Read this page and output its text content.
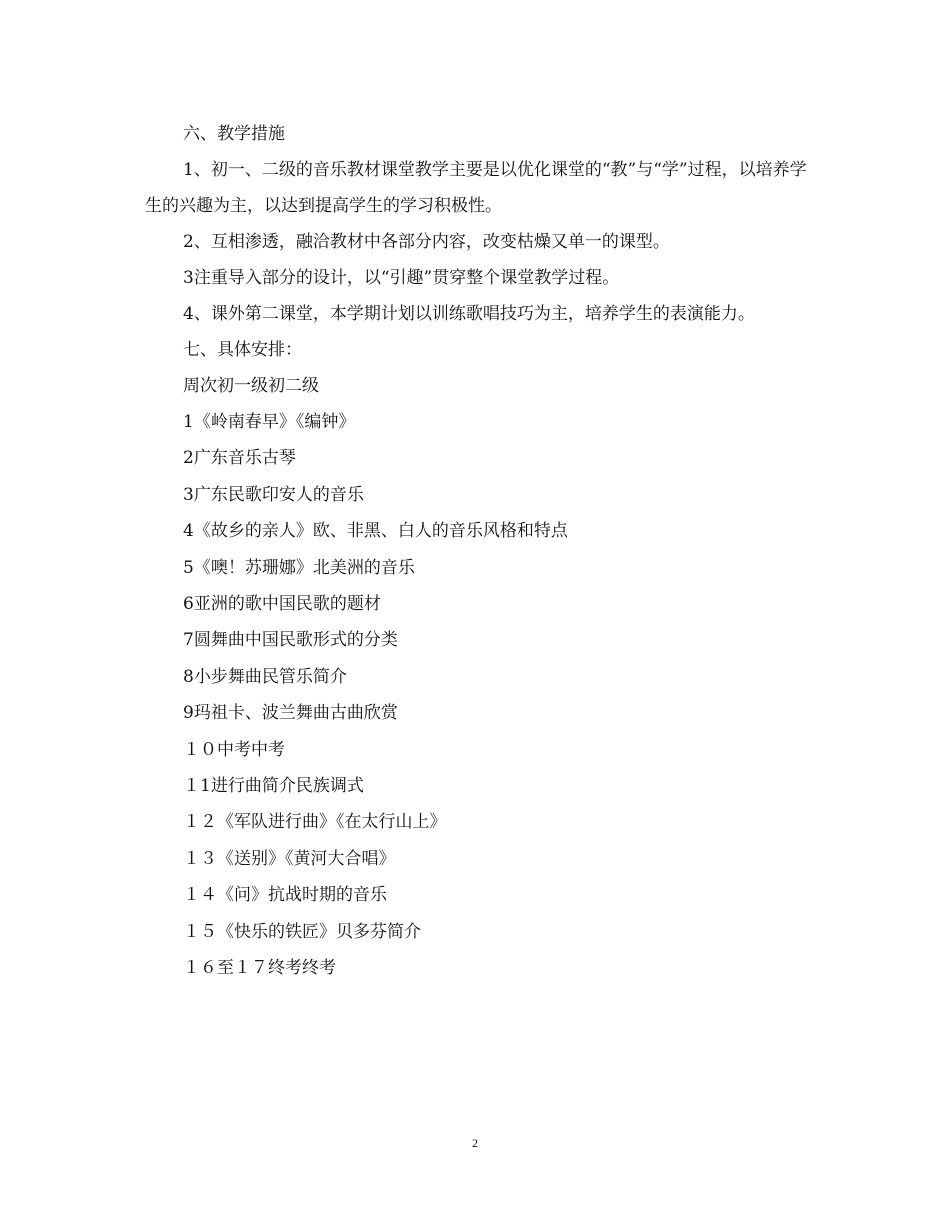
六、教学措施

1、初一、二级的音乐教材课堂教学主要是以优化课堂的“教”与“学”过程，以培养学生的兴趣为主，以达到提高学生的学习积极性。

2、互相渗透，融洽教材中各部分内容，改变枯燥又单一的课型。

3注重导入部分的设计，以“引趣”贯穿整个课堂教学过程。

4、课外第二课堂，本学期计划以训练歌唱技巧为主，培养学生的表演能力。

七、具体安排：

周次初一级初二级

1《岭南春早》《编钟》
2广东音乐古琴
3广东民歌印安人的音乐
4《故乡的亲人》欧、非黑、白人的音乐风格和特点
5《噢！苏珊娜》北美洲的音乐
6亚洲的歌中国民歌的题材
7圆舞曲中国民歌形式的分类
8小步舞曲民管乐简介
9玛祖卡、波兰舞曲古曲欣赏
１０中考中考
１1进行曲简介民族调式
１２《军队进行曲》《在太行山上》
１３《送别》《黄河大合唱》
１４《问》抗战时期的音乐
１５《快乐的铁匠》贝多芬简介
１６至１７终考终考
2
